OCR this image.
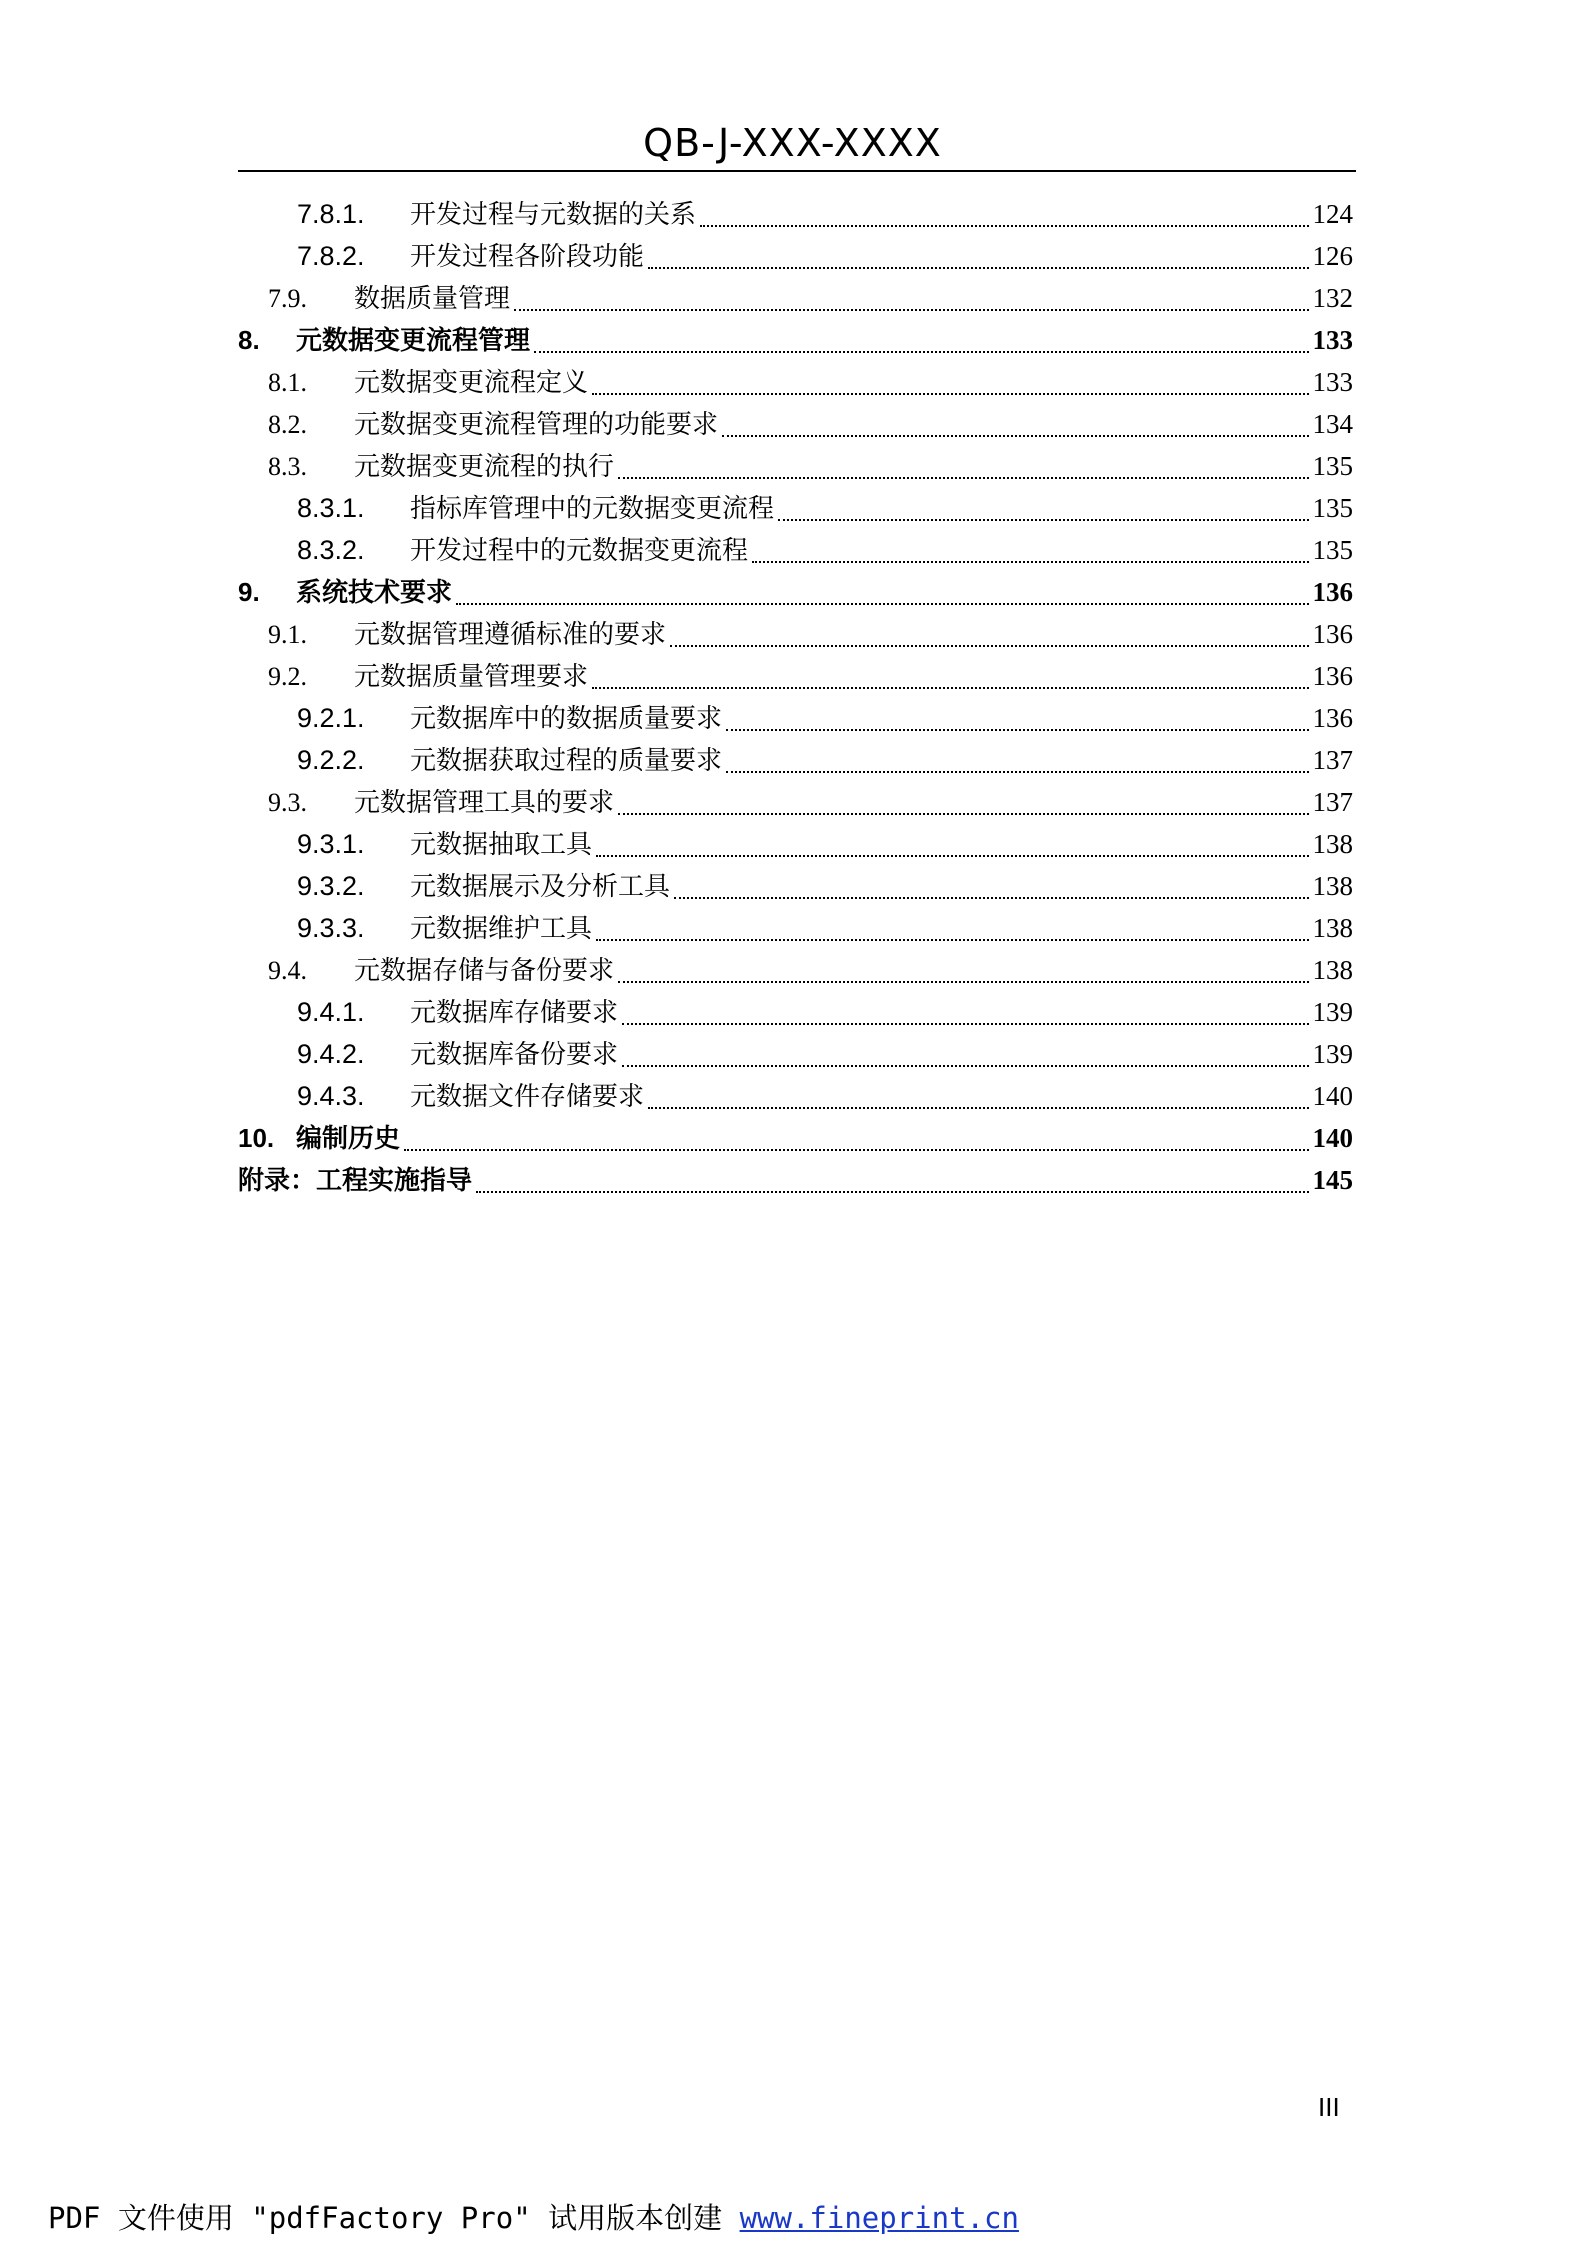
QB-J-XXX-XXXX
7.8.1.	开发过程与元数据的关系	124
7.8.2.	开发过程各阶段功能	126
7.9.	数据质量管理	132
8.	元数据变更流程管理	133
8.1.	元数据变更流程定义	133
8.2.	元数据变更流程管理的功能要求	134
8.3.	元数据变更流程的执行	135
8.3.1.	指标库管理中的元数据变更流程	135
8.3.2.	开发过程中的元数据变更流程	135
9.	系统技术要求	136
9.1.	元数据管理遵循标准的要求	136
9.2.	元数据质量管理要求	136
9.2.1.	元数据库中的数据质量要求	136
9.2.2.	元数据获取过程的质量要求	137
9.3.	元数据管理工具的要求	137
9.3.1.	元数据抽取工具	138
9.3.2.	元数据展示及分析工具	138
9.3.3.	元数据维护工具	138
9.4.	元数据存储与备份要求	138
9.4.1.	元数据库存储要求	139
9.4.2.	元数据库备份要求	139
9.4.3.	元数据文件存储要求	140
10. 编制历史	140
附录：工程实施指导	145
III
PDF 文件使用 "pdfFactory Pro" 试用版本创建 www.fineprint.cn
